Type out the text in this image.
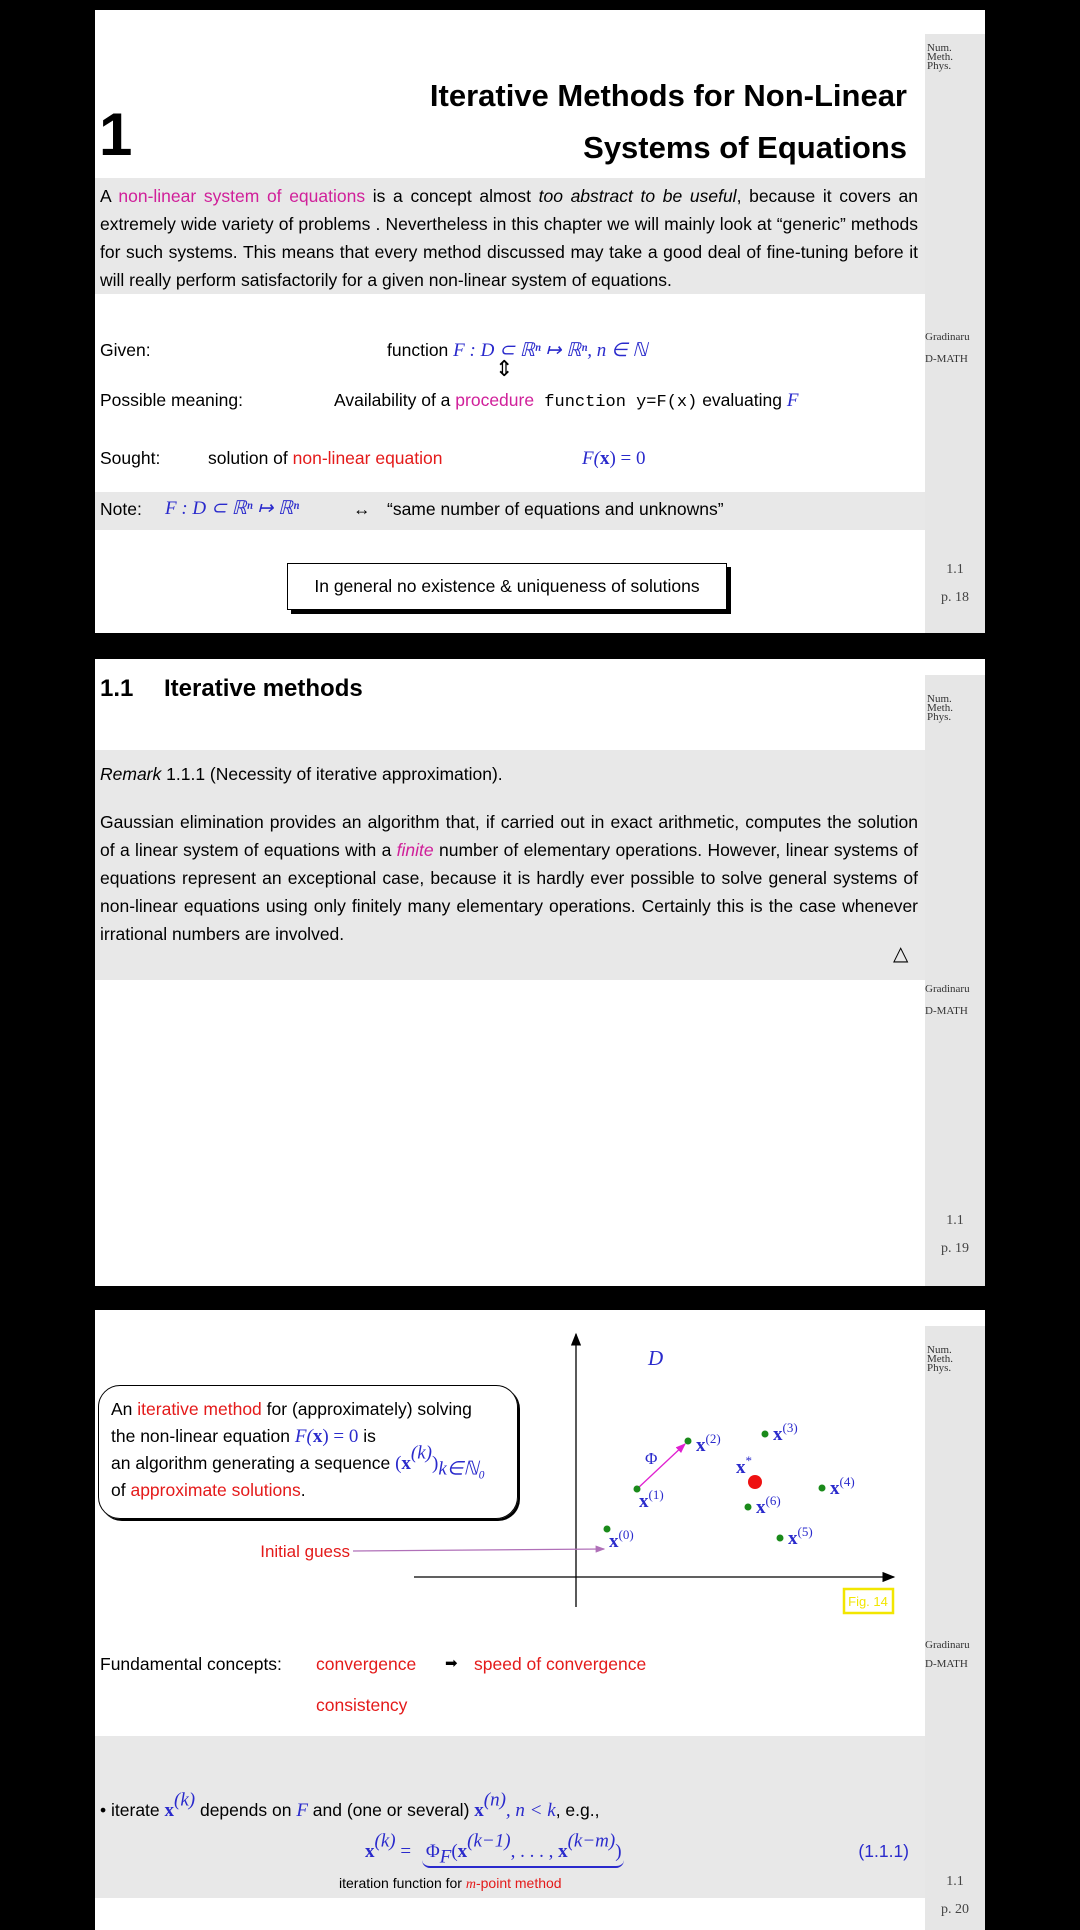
Num.
Meth.
Phys.
Gradinaru
D-MATH
1.1
p. 18
1
Iterative Methods for Non-Linear
Systems of Equations
A non-linear system of equations is a concept almost too abstract to be useful, because it covers an extremely wide variety of problems . Nevertheless in this chapter we will mainly look at “generic” methods for such systems. This means that every method discussed may take a good deal of fine-tuning before it will really perform satisfactorily for a given non-linear system of equations.
Given:	function F : D ⊂ ℝⁿ ↦ ℝⁿ, n ∈ ℕ
⇕
Possible meaning:	Availability of a procedure function y=F(x) evaluating F
Sought:	solution of non-linear equation	F(x) = 0
Note: F : D ⊂ ℝⁿ ↦ ℝⁿ	↔ “same number of equations and unknowns”
In general no existence & uniqueness of solutions
Num.
Meth.
Phys.
Gradinaru
D-MATH
1.1
p. 19
1.1 Iterative methods
Remark 1.1.1 (Necessity of iterative approximation).
Gaussian elimination provides an algorithm that, if carried out in exact arithmetic, computes the solution of a linear system of equations with a finite number of elementary operations. However, linear systems of equations represent an exceptional case, because it is hardly ever possible to solve general systems of non-linear equations using only finitely many elementary operations. Certainly this is the case whenever irrational numbers are involved.
△
Num.
Meth.
Phys.
Gradinaru
D-MATH
1.1
p. 20
An iterative method for (approximately) solving
the non-linear equation F(x) = 0 is
an algorithm generating a sequence $(x^{(k)})_{k\in ℕ_0}$
of approximate solutions.
D
Initial guess
Φ
$x^{(0)}$
$x^{(1)}$
$x^{(2)}$	$x^{(3)}$
$x^{(4)}$
$x^{(5)}$
$x^{(6)}$
x*
Fig. 14
Fundamental concepts: convergence ➡ speed of convergence
consistency
• iterate $x^{(k)}$ depends on F and (one or several) $x^{(n)}$, n < k, e.g.,
$x^{(k)} = \Phi_F(x^{(k-1)}$, . . . , $x^{(k-m)}$)
iteration function for m-point method
(1.1.1)
